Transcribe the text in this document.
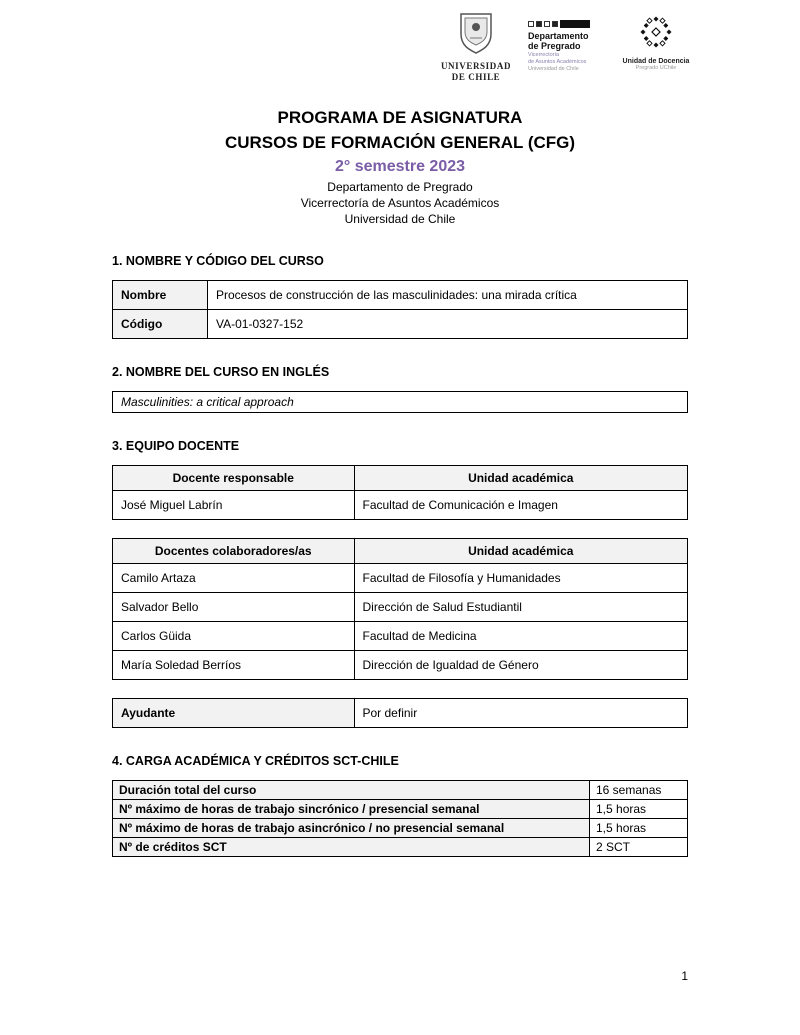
UNIVERSIDAD
DE CHILE
Departamento
de Pregrado
Vicerrectoría
de Asuntos Académicos
Universidad de Chile
Unidad de Docencia
Pregrado UChile
PROGRAMA DE ASIGNATURA
CURSOS DE FORMACIÓN GENERAL (CFG)
2° semestre 2023
Departamento de Pregrado
Vicerrectoría de Asuntos Académicos
Universidad de Chile
1. NOMBRE Y CÓDIGO DEL CURSO
Nombre	Procesos de construcción de las masculinidades: una mirada crítica
Código	VA-01-0327-152
2. NOMBRE DEL CURSO EN INGLÉS
Masculinities: a critical approach
3. EQUIPO DOCENTE
Docente responsable	Unidad académica
José Miguel Labrín	Facultad de Comunicación e Imagen
Docentes colaboradores/as	Unidad académica
Camilo Artaza	Facultad de Filosofía y Humanidades
Salvador Bello	Dirección de Salud Estudiantil
Carlos Güida	Facultad de Medicina
María Soledad Berríos	Dirección de Igualdad de Género
Ayudante	Por definir
4. CARGA ACADÉMICA Y CRÉDITOS SCT-CHILE
Duración total del curso	16 semanas
Nº máximo de horas de trabajo sincrónico / presencial semanal	1,5 horas
Nº máximo de horas de trabajo asincrónico / no presencial semanal	1,5 horas
Nº de créditos SCT	2 SCT
1
